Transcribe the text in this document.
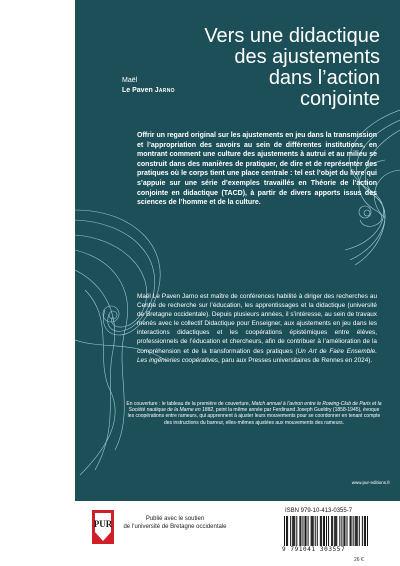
Vers une didactique
des ajustements
dans l’action
conjointe
Maël
Le Paven Jarno

Offrir un regard original sur les ajustements en jeu dans la transmission et l’appropriation des savoirs au sein de différentes institutions, en montrant comment une culture des ajustements à autrui et au milieu se construit dans des manières de pratiquer, de dire et de représenter des pratiques où le corps tient une place centrale : tel est l’objet du livre qui s’appuie sur une série d’exemples travaillés en Théorie de l’action conjointe en didactique (TACD), à partir de divers apports issus des sciences de l’homme et de la culture.

Maël Le Paven Jarno est maître de conférences habilité à diriger des recherches au Centre de recherche sur l’éducation, les apprentissages et la didactique (université de Bretagne occidentale). Depuis plusieurs années, il s’intéresse, au sein de travaux menés avec le collectif Didactique pour Enseigner, aux ajustements en jeu dans les interactions didactiques et les coopérations épistémiques entre élèves, professionnels de l’éducation et chercheurs, afin de contribuer à l’amélioration de la compréhension et de la transformation des pratiques (Un Art de Faire Ensemble. Les ingénieries coopératives, paru aux Presses universitaires de Rennes en 2024).

En couverture : le tableau de la première de couverture, Match annuel à l’aviron entre le Rowing-Club de Paris et la Société nautique de la Marne en 1882, peint la même année par Ferdinand Joseph Gueldry (1858-1945), évoque les coopérations entre rameurs, qui apprennent à ajuster leurs mouvements pour se coordonner en tenant compte des instructions du barreur, elles-mêmes ajustées aux mouvements des rameurs.

www.pur-editions.fr
PUR	Publié avec le soutien
de l’université de Bretagne occidentale
ISBN 979-10-413-0355-7
9 791041 303557
26 €
